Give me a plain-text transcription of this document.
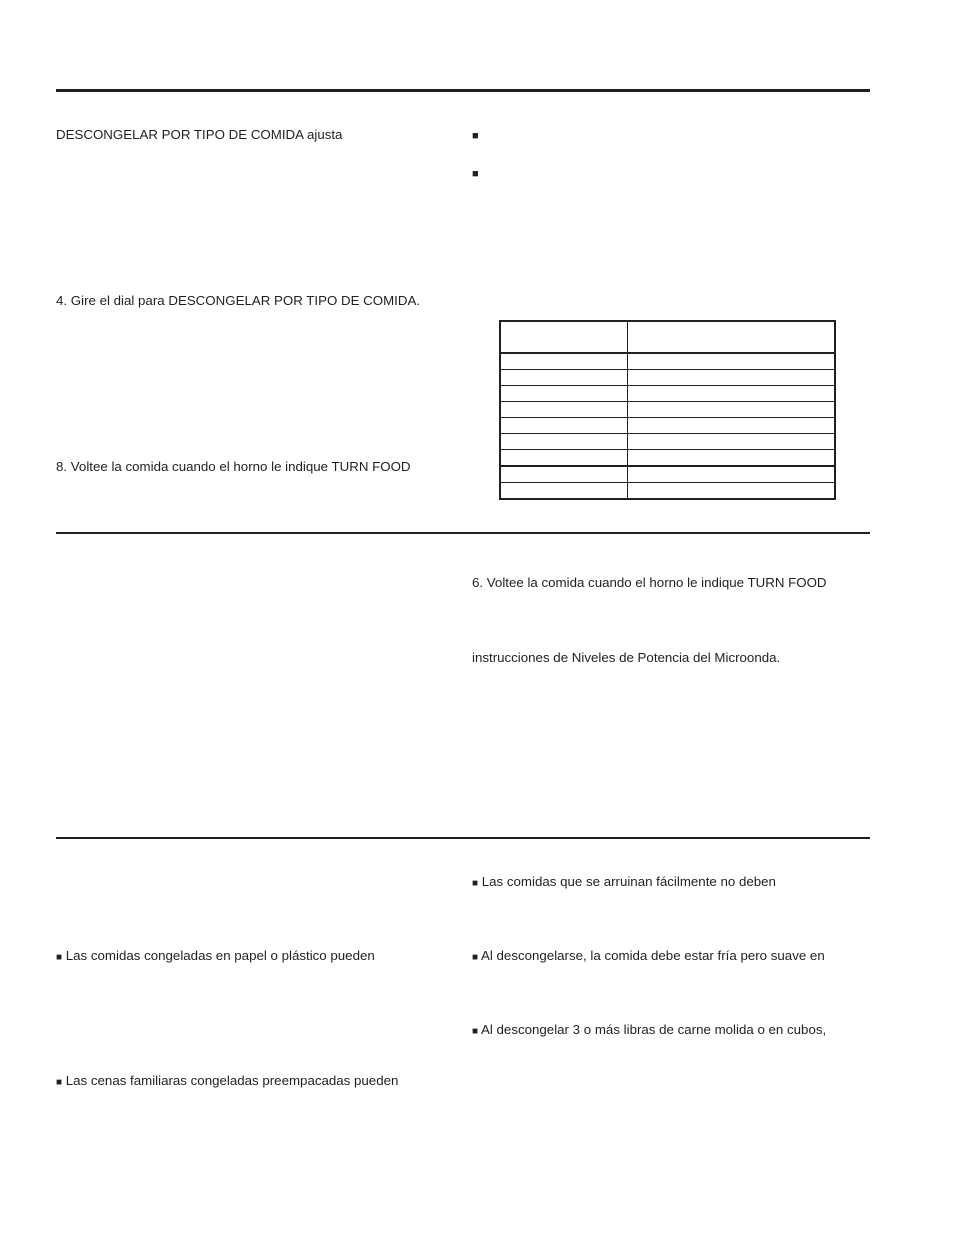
DESCONGELAR POR TIPO DE COMIDA ajusta
4. Gire el dial para DESCONGELAR POR TIPO DE COMIDA.
8. Voltee la comida cuando el horno le indique TURN FOOD
■
■

6. Voltee la comida cuando el horno le indique TURN FOOD
instrucciones de Niveles de Potencia del Microonda.
■ Las comidas congeladas en papel o plástico pueden
■ Las cenas familiaras congeladas preempacadas pueden
■ Las comidas que se arruinan fácilmente no deben
■ Al descongelarse, la comida debe estar fría pero suave en
■ Al descongelar 3 o más libras de carne molida o en cubos,
